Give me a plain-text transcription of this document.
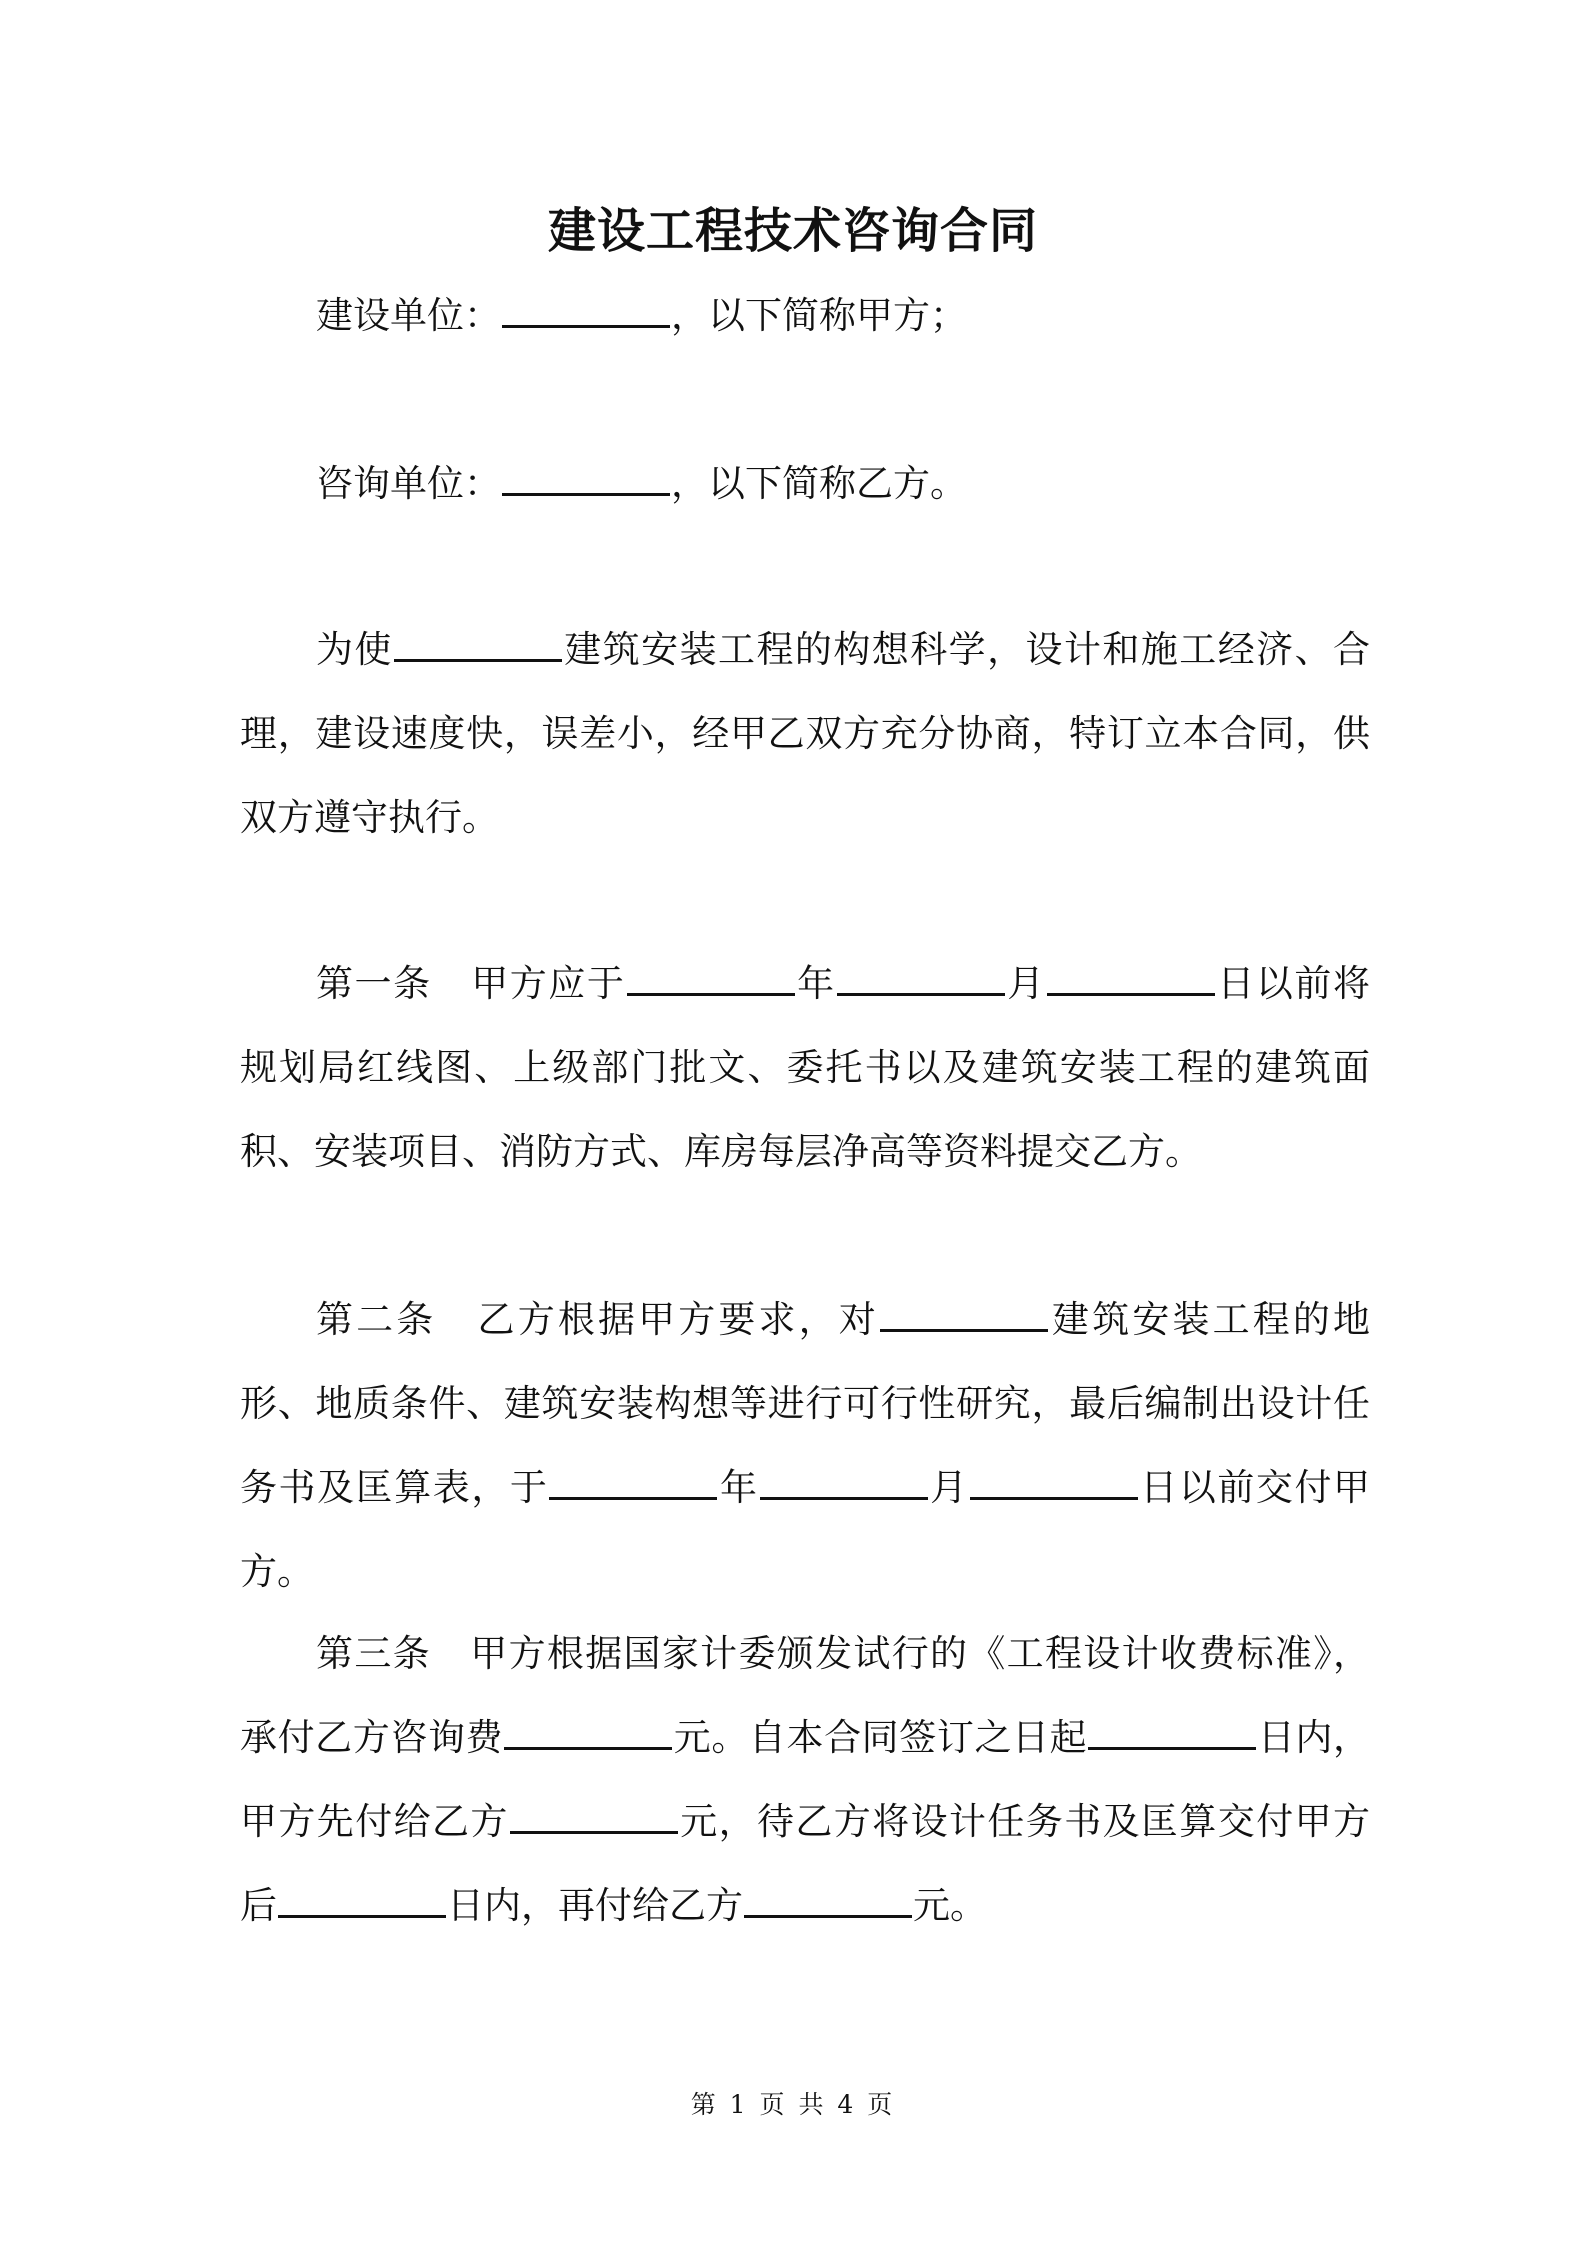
建设工程技术咨询合同
建设单位：	，以下简称甲方；
咨询单位：	，以下简称乙方。
为使	建筑安装工程的构想科学，设计和施工经济、合理，建设速度快，误差小，经甲乙双方充分协商，特订立本合同，供双方遵守执行。
第一条 甲方应于	年	月	日以前将规划局红线图、上级部门批文、委托书以及建筑安装工程的建筑面积、安装项目、消防方式、库房每层净高等资料提交乙方。
第二条 乙方根据甲方要求，对	建筑安装工程的地形、地质条件、建筑安装构想等进行可行性研究，最后编制出设计任务书及匡算表，于	年	月	日以前交付甲方。
第三条 甲方根据国家计委颁发试行的《工程设计收费标准》，承付乙方咨询费	元。自本合同签订之日起	日内，甲方先付给乙方	元，待乙方将设计任务书及匡算交付甲方后	日内，再付给乙方	元。
第 1 页 共 4 页
